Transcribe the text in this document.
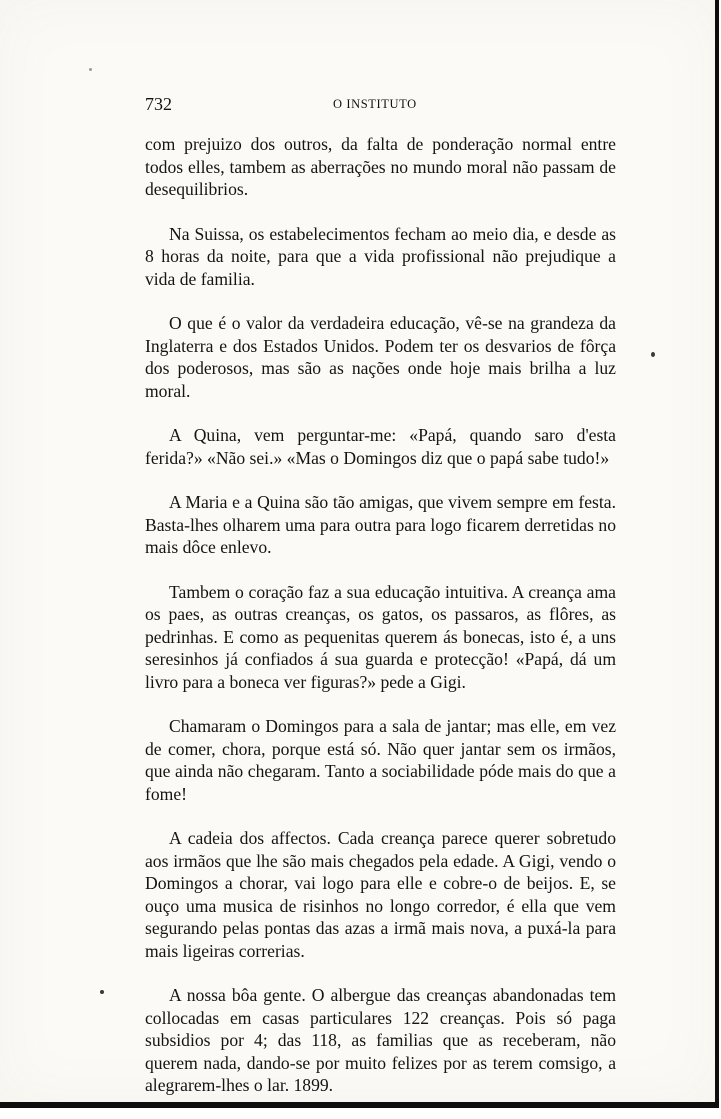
732	O INSTITUTO

com prejuizo dos outros, da falta de ponderação normal entre todos elles, tambem as aberrações no mundo moral não passam de desequilibrios.

Na Suissa, os estabelecimentos fecham ao meio dia, e desde as 8 horas da noite, para que a vida profissional não prejudique a vida de familia.

O que é o valor da verdadeira educação, vê-se na grandeza da Inglaterra e dos Estados Unidos. Podem ter os desvarios de fôrça dos poderosos, mas são as nações onde hoje mais brilha a luz moral.

A Quina, vem perguntar-me: «Papá, quando saro d'esta ferida?» «Não sei.» «Mas o Domingos diz que o papá sabe tudo!»

A Maria e a Quina são tão amigas, que vivem sempre em festa. Basta-lhes olharem uma para outra para logo ficarem derretidas no mais dôce enlevo.

Tambem o coração faz a sua educação intuitiva. A creança ama os paes, as outras creanças, os gatos, os passaros, as flôres, as pedrinhas. E como as pequenitas querem ás bonecas, isto é, a uns seresinhos já confiados á sua guarda e protecção! «Papá, dá um livro para a boneca ver figuras?» pede a Gigi.

Chamaram o Domingos para a sala de jantar; mas elle, em vez de comer, chora, porque está só. Não quer jantar sem os irmãos, que ainda não chegaram. Tanto a sociabilidade póde mais do que a fome!

A cadeia dos affectos. Cada creança parece querer sobretudo aos irmãos que lhe são mais chegados pela edade. A Gigi, vendo o Domingos a chorar, vai logo para elle e cobre-o de beijos. E, se ouço uma musica de risinhos no longo corredor, é ella que vem segurando pelas pontas das azas a irmã mais nova, a puxá-la para mais ligeiras correrias.

A nossa bôa gente. O albergue das creanças abandonadas tem collocadas em casas particulares 122 creanças. Pois só paga subsidios por 4; das 118, as familias que as receberam, não querem nada, dando-se por muito felizes por as terem comsigo, a alegrarem-lhes o lar. 1899.
